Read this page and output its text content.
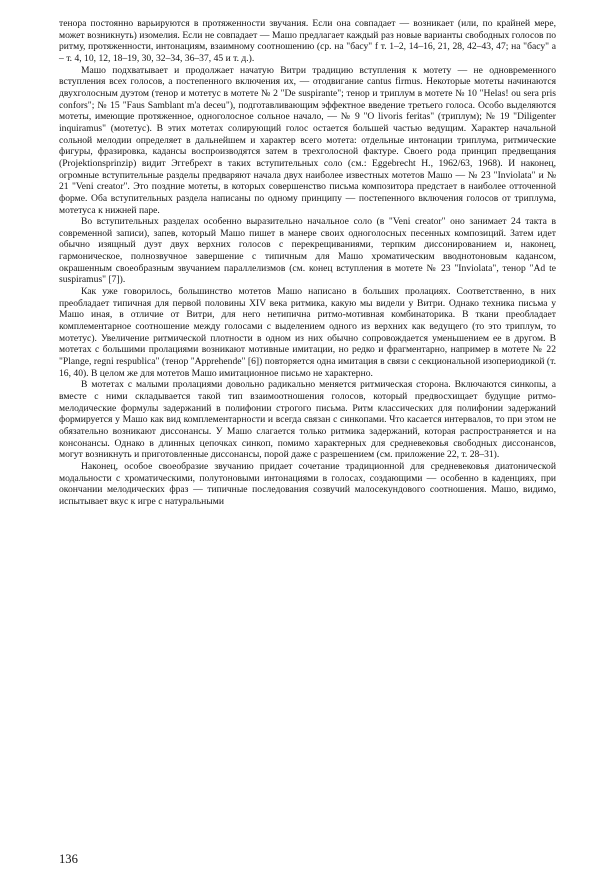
тенора постоянно варьируются в протяженности звучания. Если она совпадает — возникает (или, по крайней мере, может возникнуть) изомелия. Если не совпадает — Машо предлагает каждый раз новые варианты свободных голосов по ритму, протяженности, интонациям, взаимному соотношению (ср. на "басу" f т. 1–2, 14–16, 21, 28, 42–43, 47; на "басу" a – т. 4, 10, 12, 18–19, 30, 32–34, 36–37, 45 и т. д.).

Машо подхватывает и продолжает начатую Витри традицию вступления к мотету — не одновременного вступления всех голосов, а постепенного включения их, — отодвигание cantus firmus. Некоторые мотеты начинаются двухголосным дуэтом (тенор и мотетус в мотете № 2 "De suspirante"; тенор и триплум в мотете № 10 "Helas! ou sera pris confors"; № 15 "Faus Samblant m'a deceu"), подготавливающим эффектное введение третьего голоса. Особо выделяются мотеты, имеющие протяженное, одноголосное сольное начало, — № 9 "O livoris feritas" (триплум); № 19 "Diligenter inquiramus" (мотетус). В этих мотетах солирующий голос остается большей частью ведущим. Характер начальной сольной мелодии определяет в дальнейшем и характер всего мотета: отдельные интонации триплума, ритмические фигуры, фразировка, кадансы воспроизводятся затем в трехголосной фактуре. Своего рода принцип предвещания (Projektionsprinzip) видит Эггебрехт в таких вступительных соло (см.: Eggebrecht H., 1962/63, 1968). И наконец, огромные вступительные разделы предваряют начала двух наиболее известных мотетов Машо — № 23 "Inviolata" и № 21 "Veni creator". Это поздние мотеты, в которых совершенство письма композитора предстает в наиболее отточенной форме. Оба вступительных раздела написаны по одному принципу — постепенного включения голосов от триплума, мотетуса к нижней паре.

Во вступительных разделах особенно выразительно начальное соло (в "Veni creator" оно занимает 24 такта в современной записи), запев, который Машо пишет в манере своих одноголосных песенных композиций. Затем идет обычно изящный дуэт двух верхних голосов с перекрещиваниями, терпким диссонированием и, наконец, гармоническое, полнозвучное завершение с типичным для Машо хроматическим вводнотоновым кадансом, окрашенным своеобразным звучанием параллелизмов (см. конец вступления в мотете № 23 "Inviolata", тенор "Ad te suspiramus" [7]).

Как уже говорилось, большинство мотетов Машо написано в больших пролациях. Соответственно, в них преобладает типичная для первой половины XIV века ритмика, какую мы видели у Витри. Однако техника письма у Машо иная, в отличие от Витри, для него нетипична ритмо-мотивная комбинаторика. В ткани преобладает комплементарное соотношение между голосами с выделением одного из верхних как ведущего (то это триплум, то мотетус). Увеличение ритмической плотности в одном из них обычно сопровождается уменьшением ее в другом. В мотетах с большими пролациями возникают мотивные имитации, но редко и фрагментарно, например в мотете № 22 "Plange, regni respublica" (тенор "Apprehende" [6]) повторяется одна имитация в связи с секциональной изопериодикой (т. 16, 40). В целом же для мотетов Машо имитационное письмо не характерно.

В мотетах с малыми пролациями довольно радикально меняется ритмическая сторона. Включаются синкопы, а вместе с ними складывается такой тип взаимоотношения голосов, который предвосхищает будущие ритмо-мелодические формулы задержаний в полифонии строгого письма. Ритм классических для полифонии задержаний формируется у Машо как вид комплементарности и всегда связан с синкопами. Что касается интервалов, то при этом не обязательно возникают диссонансы. У Машо слагается только ритмика задержаний, которая распространяется и на консонансы. Однако в длинных цепочках синкоп, помимо характерных для средневековья свободных диссонансов, могут возникнуть и приготовленные диссонансы, порой даже с разрешением (см. приложение 22, т. 28–31).

Наконец, особое своеобразие звучанию придает сочетание традиционной для средневековья диатонической модальности с хроматическими, полутоновыми интонациями в голосах, создающими — особенно в каденциях, при окончании мелодических фраз — типичные последования созвучий малосекундового соотношения. Машо, видимо, испытывает вкус к игре с натуральными

136
